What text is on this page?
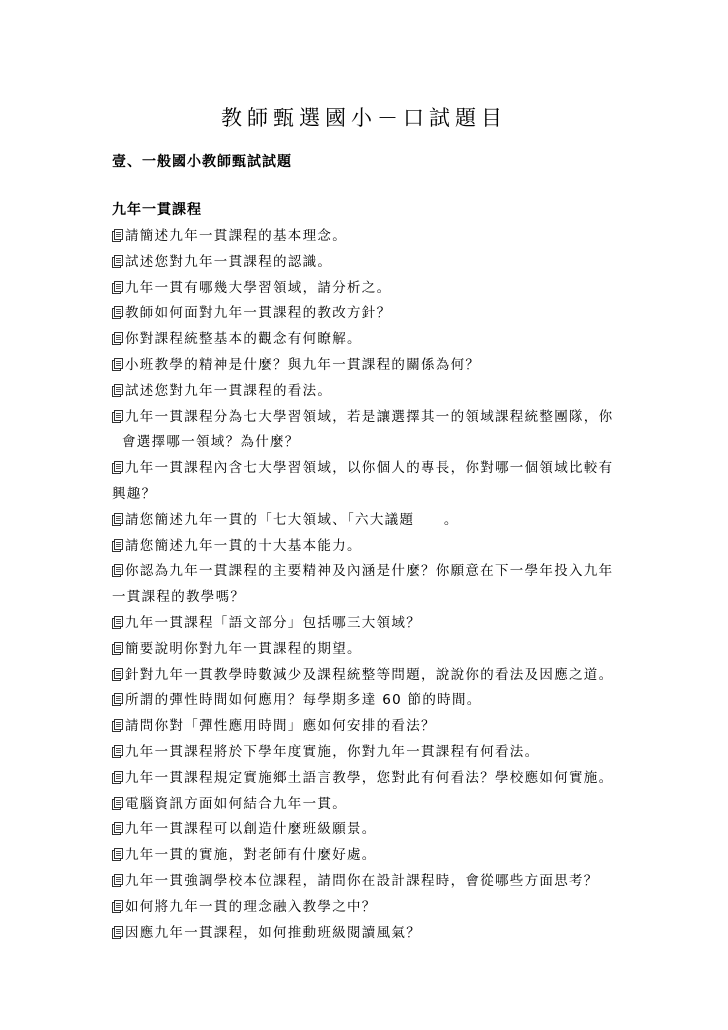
教師甄選國小－口試題目
壹、一般國小教師甄試試題
九年一貫課程
請簡述九年一貫課程的基本理念。
試述您對九年一貫課程的認識。
九年一貫有哪幾大學習領域，請分析之。
教師如何面對九年一貫課程的教改方針？
你對課程統整基本的觀念有何瞭解。
小班教學的精神是什麼？與九年一貫課程的關係為何？
試述您對九年一貫課程的看法。
九年一貫課程分為七大學習領域，若是讓選擇其一的領域課程統整團隊，你
會選擇哪一領域？為什麼？
九年一貫課程內含七大學習領域，以你個人的專長，你對哪一個領域比較有
興趣？
請您簡述九年一貫的「七大領域、「六大議題　　。
請您簡述九年一貫的十大基本能力。
你認為九年一貫課程的主要精神及內涵是什麼？你願意在下一學年投入九年
一貫課程的教學嗎？
九年一貫課程「語文部分」包括哪三大領域？
簡要說明你對九年一貫課程的期望。
針對九年一貫教學時數減少及課程統整等問題，說說你的看法及因應之道。
所謂的彈性時間如何應用？每學期多達 60 節的時間。
請問你對「彈性應用時間」應如何安排的看法？
九年一貫課程將於下學年度實施，你對九年一貫課程有何看法。
九年一貫課程規定實施鄉土語言教學，您對此有何看法？學校應如何實施。
電腦資訊方面如何結合九年一貫。
九年一貫課程可以創造什麼班級願景。
九年一貫的實施，對老師有什麼好處。
九年一貫強調學校本位課程，請問你在設計課程時，會從哪些方面思考？
如何將九年一貫的理念融入教學之中？
因應九年一貫課程，如何推動班級閱讀風氣？
